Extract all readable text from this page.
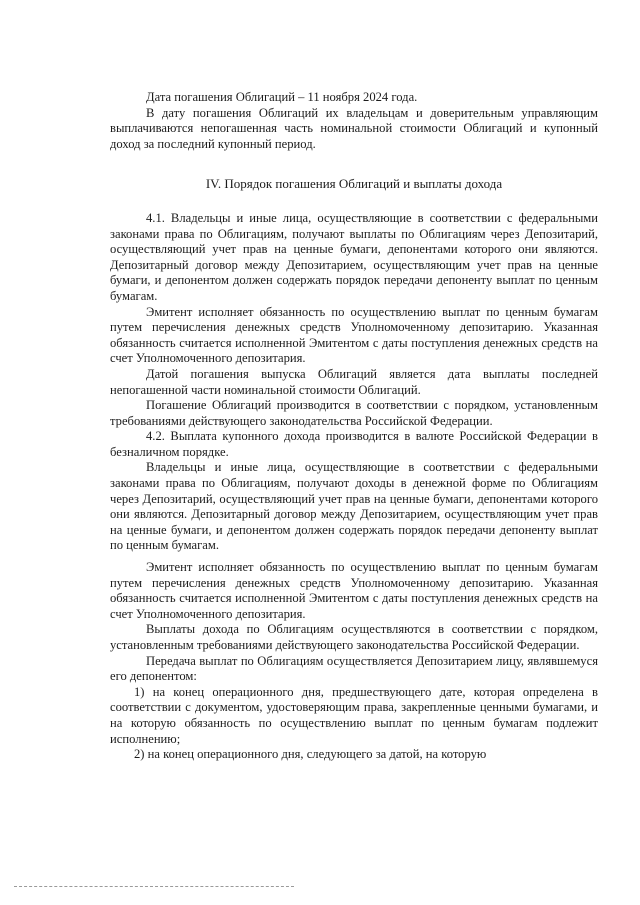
Дата погашения Облигаций – 11 ноября 2024 года.

В дату погашения Облигаций их владельцам и доверительным управляющим выплачиваются непогашенная часть номинальной стоимости Облигаций и купонный доход за последний купонный период.

IV. Порядок погашения Облигаций и выплаты дохода

4.1. Владельцы и иные лица, осуществляющие в соответствии с федеральными законами права по Облигациям, получают выплаты по Облигациям через Депозитарий, осуществляющий учет прав на ценные бумаги, депонентами которого они являются. Депозитарный договор между Депозитарием, осуществляющим учет прав на ценные бумаги, и депонентом должен содержать порядок передачи депоненту выплат по ценным бумагам.

Эмитент исполняет обязанность по осуществлению выплат по ценным бумагам путем перечисления денежных средств Уполномоченному депозитарию. Указанная обязанность считается исполненной Эмитентом с даты поступления денежных средств на счет Уполномоченного депозитария.

Датой погашения выпуска Облигаций является дата выплаты последней непогашенной части номинальной стоимости Облигаций.

Погашение Облигаций производится в соответствии с порядком, установленным требованиями действующего законодательства Российской Федерации.

4.2. Выплата купонного дохода производится в валюте Российской Федерации в безналичном порядке.

Владельцы и иные лица, осуществляющие в соответствии с федеральными законами права по Облигациям, получают доходы в денежной форме по Облигациям через Депозитарий, осуществляющий учет прав на ценные бумаги, депонентами которого они являются. Депозитарный договор между Депозитарием, осуществляющим учет прав на ценные бумаги, и депонентом должен содержать порядок передачи депоненту выплат по ценным бумагам.

Эмитент исполняет обязанность по осуществлению выплат по ценным бумагам путем перечисления денежных средств Уполномоченному депозитарию. Указанная обязанность считается исполненной Эмитентом с даты поступления денежных средств на счет Уполномоченного депозитария.

Выплаты дохода по Облигациям осуществляются в соответствии с порядком, установленным требованиями действующего законодательства Российской Федерации.

Передача выплат по Облигациям осуществляется Депозитарием лицу, являвшемуся его депонентом:

1) на конец операционного дня, предшествующего дате, которая определена в соответствии с документом, удостоверяющим права, закрепленные ценными бумагами, и на которую обязанность по осуществлению выплат по ценным бумагам подлежит исполнению;

2) на конец операционного дня, следующего за датой, на которую
